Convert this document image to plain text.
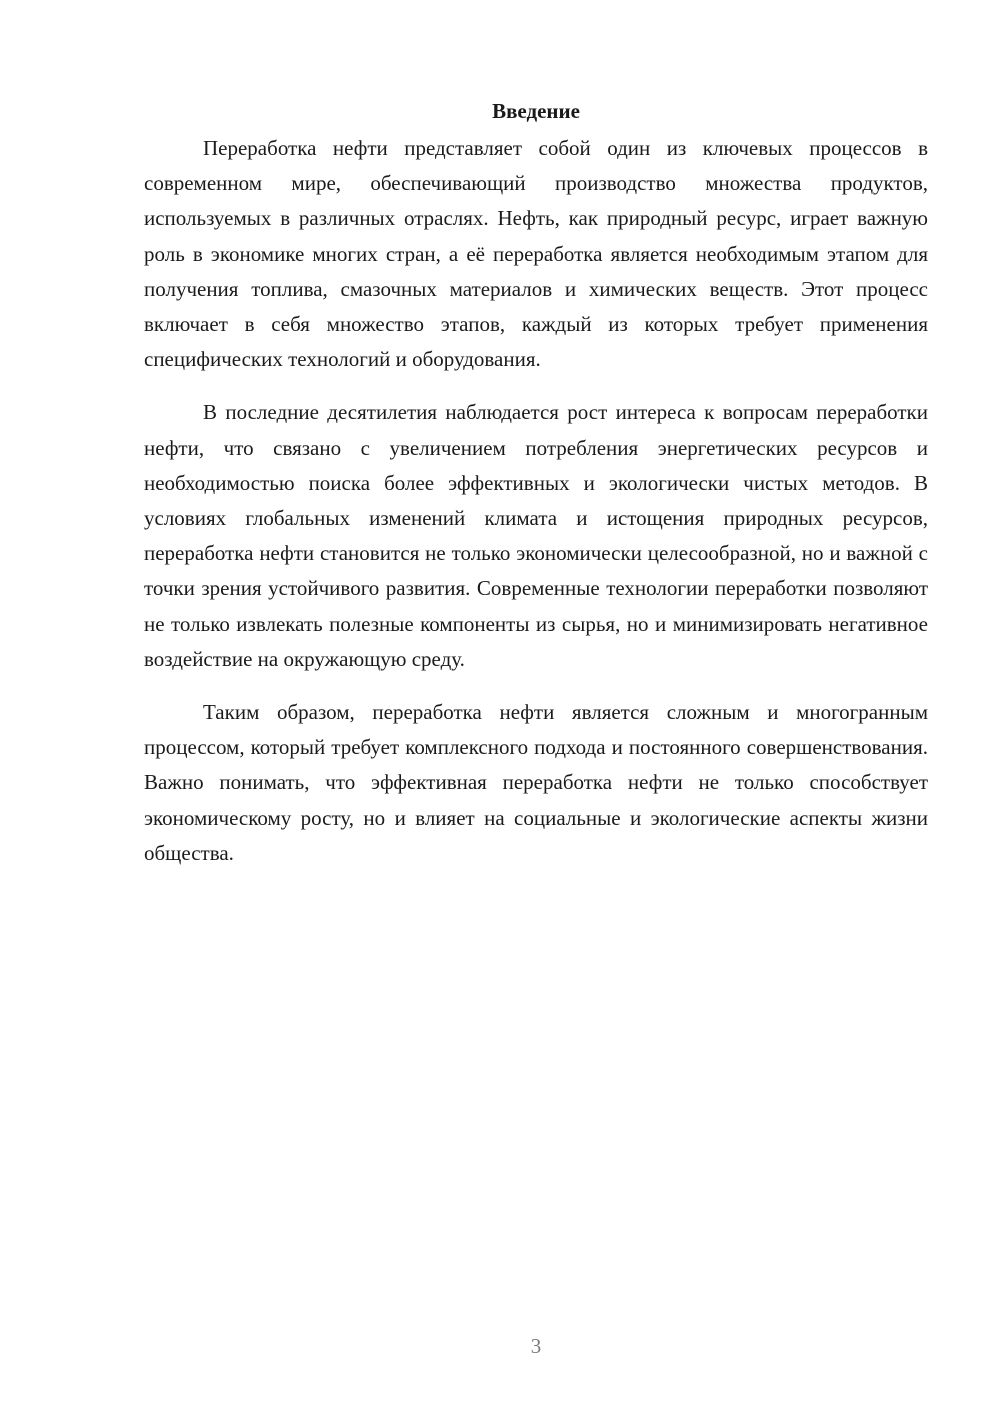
Введение

Переработка нефти представляет собой один из ключевых процессов в современном мире, обеспечивающий производство множества продуктов, используемых в различных отраслях. Нефть, как природный ресурс, играет важную роль в экономике многих стран, а её переработка является необходимым этапом для получения топлива, смазочных материалов и химических веществ. Этот процесс включает в себя множество этапов, каждый из которых требует применения специфических технологий и оборудования.

В последние десятилетия наблюдается рост интереса к вопросам переработки нефти, что связано с увеличением потребления энергетических ресурсов и необходимостью поиска более эффективных и экологически чистых методов. В условиях глобальных изменений климата и истощения природных ресурсов, переработка нефти становится не только экономически целесообразной, но и важной с точки зрения устойчивого развития. Современные технологии переработки позволяют не только извлекать полезные компоненты из сырья, но и минимизировать негативное воздействие на окружающую среду.

Таким образом, переработка нефти является сложным и многогранным процессом, который требует комплексного подхода и постоянного совершенствования. Важно понимать, что эффективная переработка нефти не только способствует экономическому росту, но и влияет на социальные и экологические аспекты жизни общества.

3
